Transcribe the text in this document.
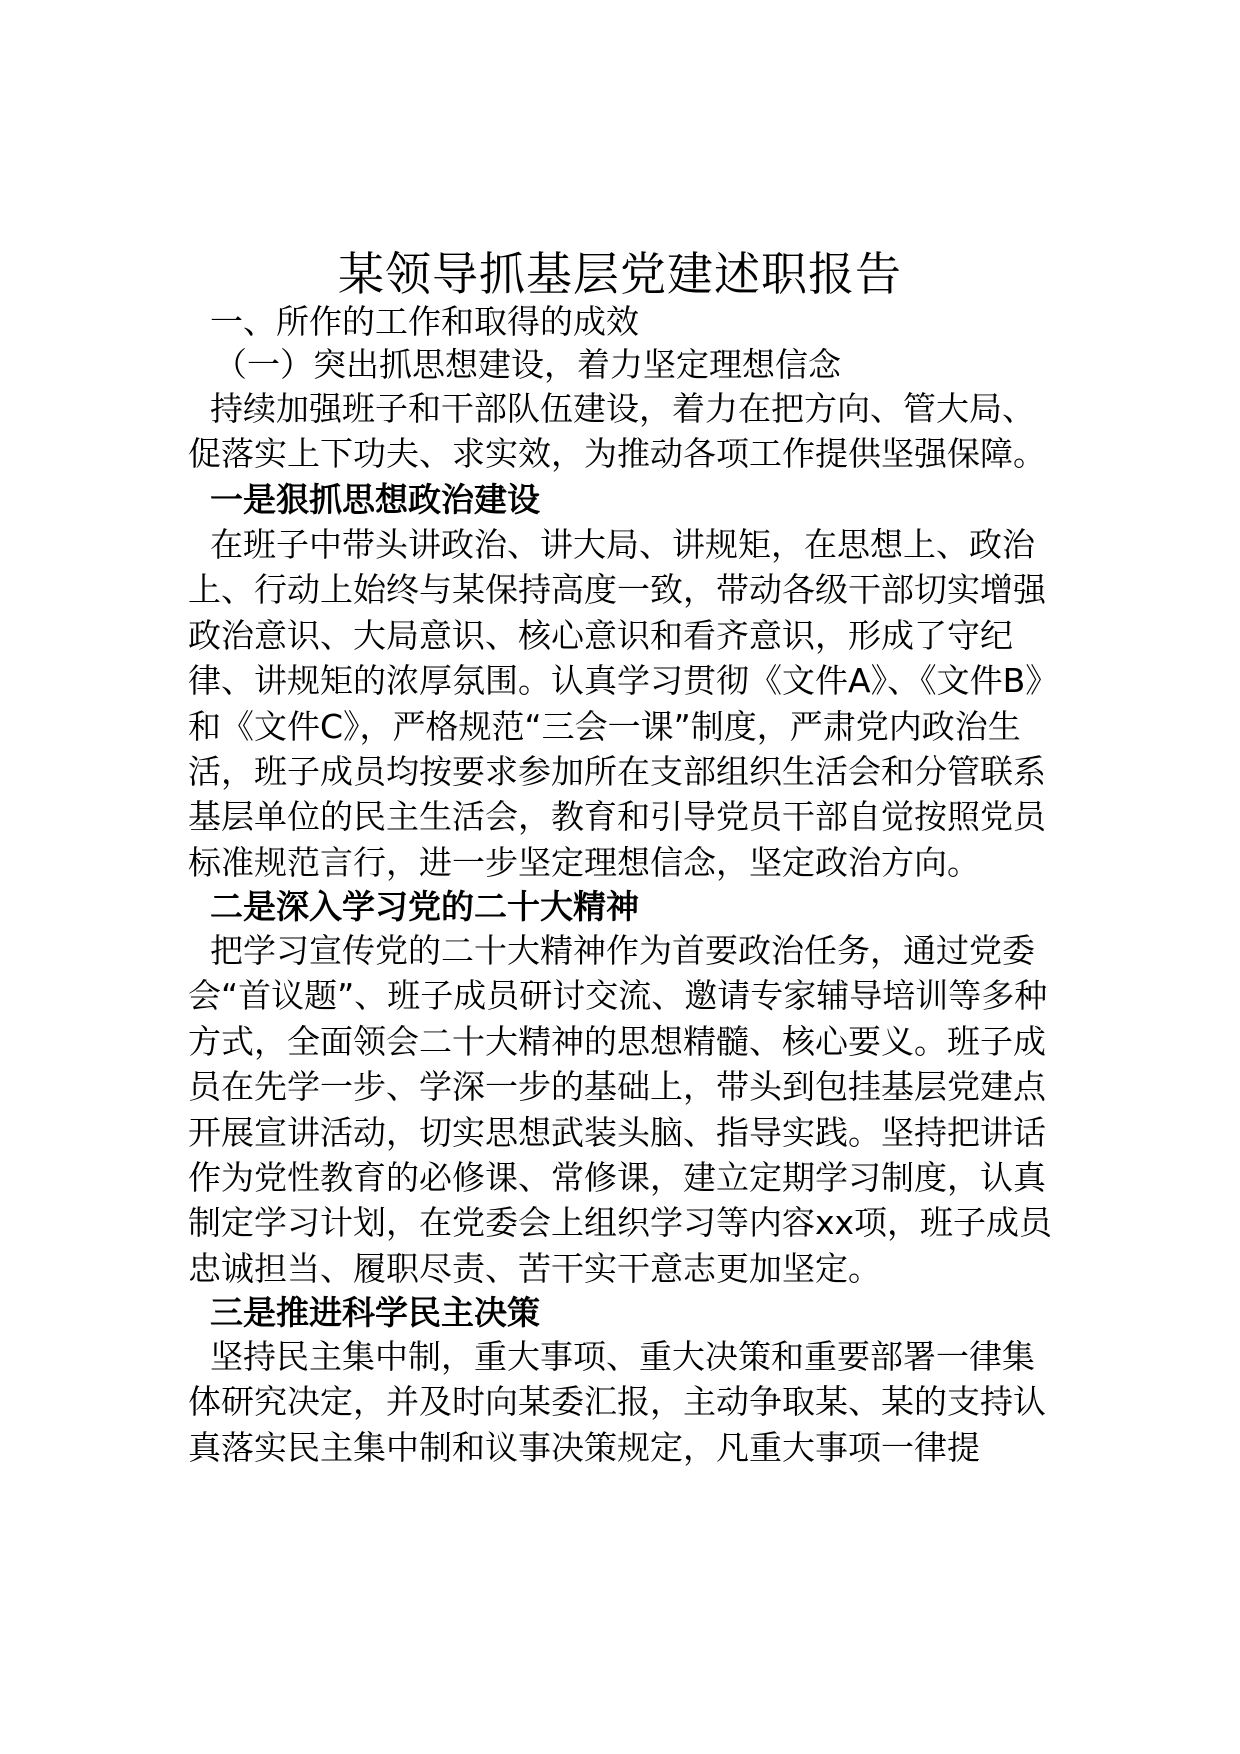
某领导抓基层党建述职报告

一、所作的工作和取得的成效

（一）突出抓思想建设，着力坚定理想信念

持续加强班子和干部队伍建设，着力在把方向、管大局、促落实上下功夫、求实效，为推动各项工作提供坚强保障。

一是狠抓思想政治建设

在班子中带头讲政治、讲大局、讲规矩，在思想上、政治上、行动上始终与某保持高度一致，带动各级干部切实增强政治意识、大局意识、核心意识和看齐意识，形成了守纪律、讲规矩的浓厚氛围。认真学习贯彻《文件A》、《文件B》和《文件C》，严格规范“三会一课”制度，严肃党内政治生活，班子成员均按要求参加所在支部组织生活会和分管联系基层单位的民主生活会，教育和引导党员干部自觉按照党员标准规范言行，进一步坚定理想信念，坚定政治方向。

二是深入学习党的二十大精神

把学习宣传党的二十大精神作为首要政治任务，通过党委会“首议题”、班子成员研讨交流、邀请专家辅导培训等多种方式，全面领会二十大精神的思想精髓、核心要义。班子成员在先学一步、学深一步的基础上，带头到包挂基层党建点开展宣讲活动，切实思想武装头脑、指导实践。坚持把讲话作为党性教育的必修课、常修课，建立定期学习制度，认真制定学习计划，在党委会上组织学习等内容xx项，班子成员忠诚担当、履职尽责、苦干实干意志更加坚定。

三是推进科学民主决策

坚持民主集中制，重大事项、重大决策和重要部署一律集体研究决定，并及时向某委汇报，主动争取某、某的支持认真落实民主集中制和议事决策规定，凡重大事项一律提
